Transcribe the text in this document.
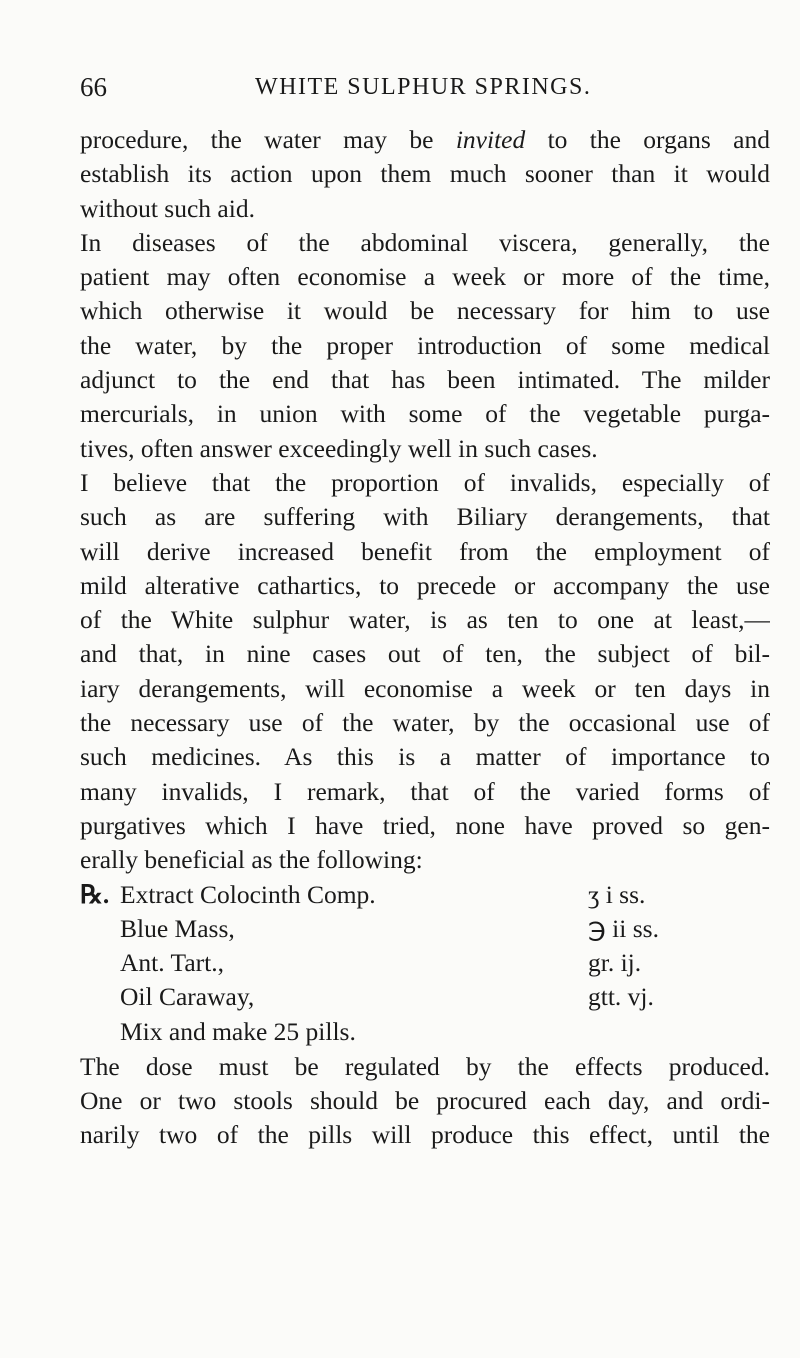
66	WHITE SULPHUR SPRINGS.
procedure, the water may be invited to the organs and
establish its action upon them much sooner than it would
without such aid.
In diseases of the abdominal viscera, generally, the
patient may often economise a week or more of the time,
which otherwise it would be necessary for him to use
the water, by the proper introduction of some medical
adjunct to the end that has been intimated. The milder
mercurials, in union with some of the vegetable purga-
tives, often answer exceedingly well in such cases.
I believe that the proportion of invalids, especially of
such as are suffering with Biliary derangements, that
will derive increased benefit from the employment of
mild alterative cathartics, to precede or accompany the use
of the White sulphur water, is as ten to one at least,—
and that, in nine cases out of ten, the subject of bil-
iary derangements, will economise a week or ten days in
the necessary use of the water, by the occasional use of
such medicines. As this is a matter of importance to
many invalids, I remark, that of the varied forms of
purgatives which I have tried, none have proved so gen-
erally beneficial as the following:
℞. Extract Colocinth Comp.	ʒ i ss.
Blue Mass,	℈ ii ss.
Ant. Tart.,	gr. ij.
Oil Caraway,	gtt. vj.
Mix and make 25 pills.
The dose must be regulated by the effects produced.
One or two stools should be procured each day, and ordi-
narily two of the pills will produce this effect, until the
